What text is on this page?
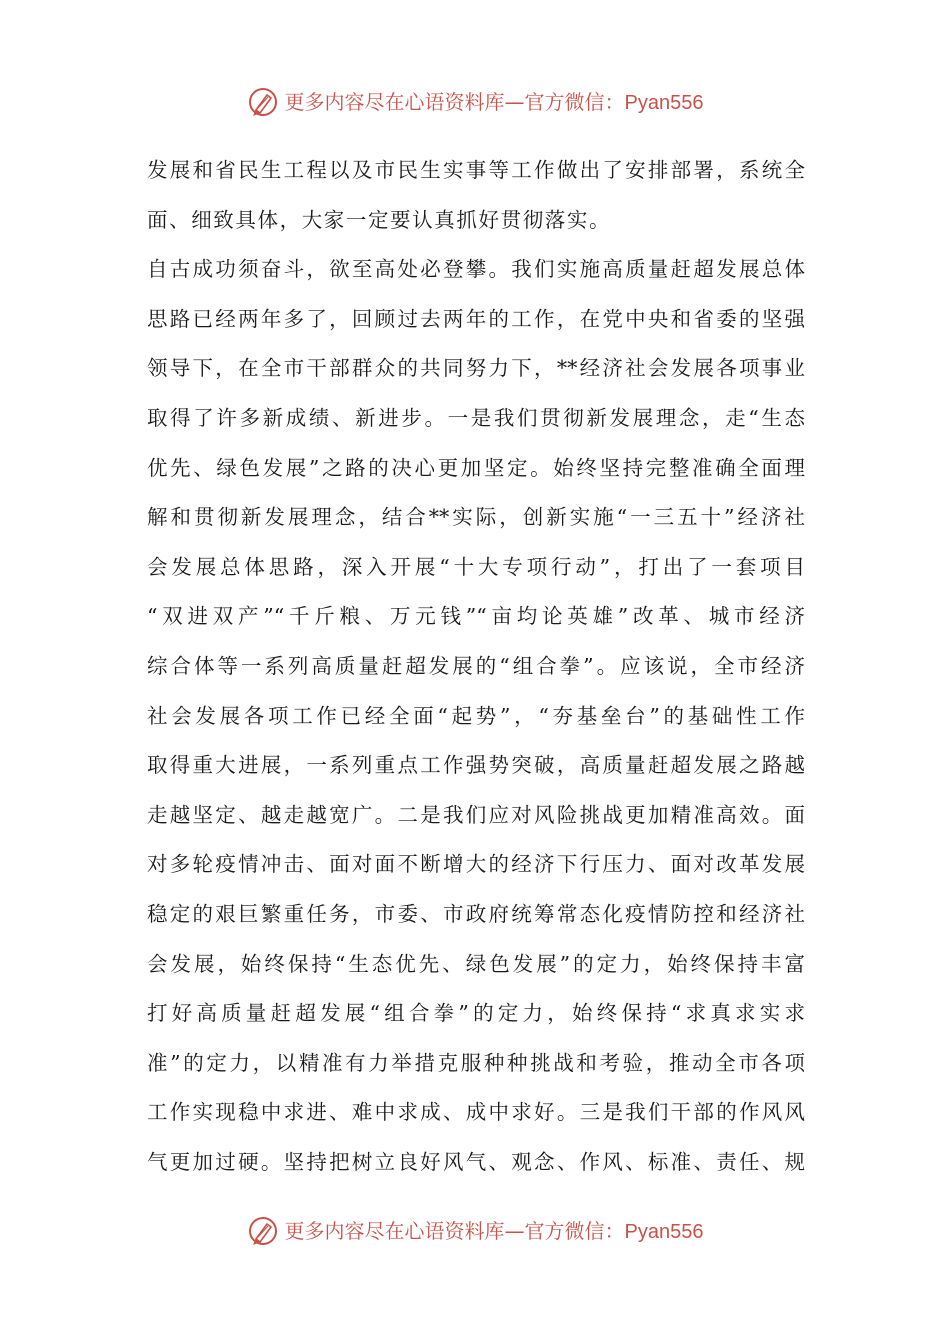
更多内容尽在心语资料库—官方微信：Pyan556
发展和省民生工程以及市民生实事等工作做出了安排部署，系统全
面、细致具体，大家一定要认真抓好贯彻落实。
自古成功须奋斗，欲至高处必登攀。我们实施高质量赶超发展总体
思路已经两年多了，回顾过去两年的工作，在党中央和省委的坚强
领导下，在全市干部群众的共同努力下，**经济社会发展各项事业
取得了许多新成绩、新进步。一是我们贯彻新发展理念，走“生态
优先、绿色发展”之路的决心更加坚定。始终坚持完整准确全面理
解和贯彻新发展理念，结合**实际，创新实施“一三五十”经济社
会发展总体思路，深入开展“十大专项行动”，打出了一套项目
“双进双产”“千斤粮、万元钱”“亩均论英雄”改革、城市经济
综合体等一系列高质量赶超发展的“组合拳”。应该说，全市经济
社会发展各项工作已经全面“起势”，“夯基垒台”的基础性工作
取得重大进展，一系列重点工作强势突破，高质量赶超发展之路越
走越坚定、越走越宽广。二是我们应对风险挑战更加精准高效。面
对多轮疫情冲击、面对面不断增大的经济下行压力、面对改革发展
稳定的艰巨繁重任务，市委、市政府统筹常态化疫情防控和经济社
会发展，始终保持“生态优先、绿色发展”的定力，始终保持丰富
打好高质量赶超发展“组合拳”的定力，始终保持“求真求实求
准”的定力，以精准有力举措克服种种挑战和考验，推动全市各项
工作实现稳中求进、难中求成、成中求好。三是我们干部的作风风
气更加过硬。坚持把树立良好风气、观念、作风、标准、责任、规
更多内容尽在心语资料库—官方微信：Pyan556
